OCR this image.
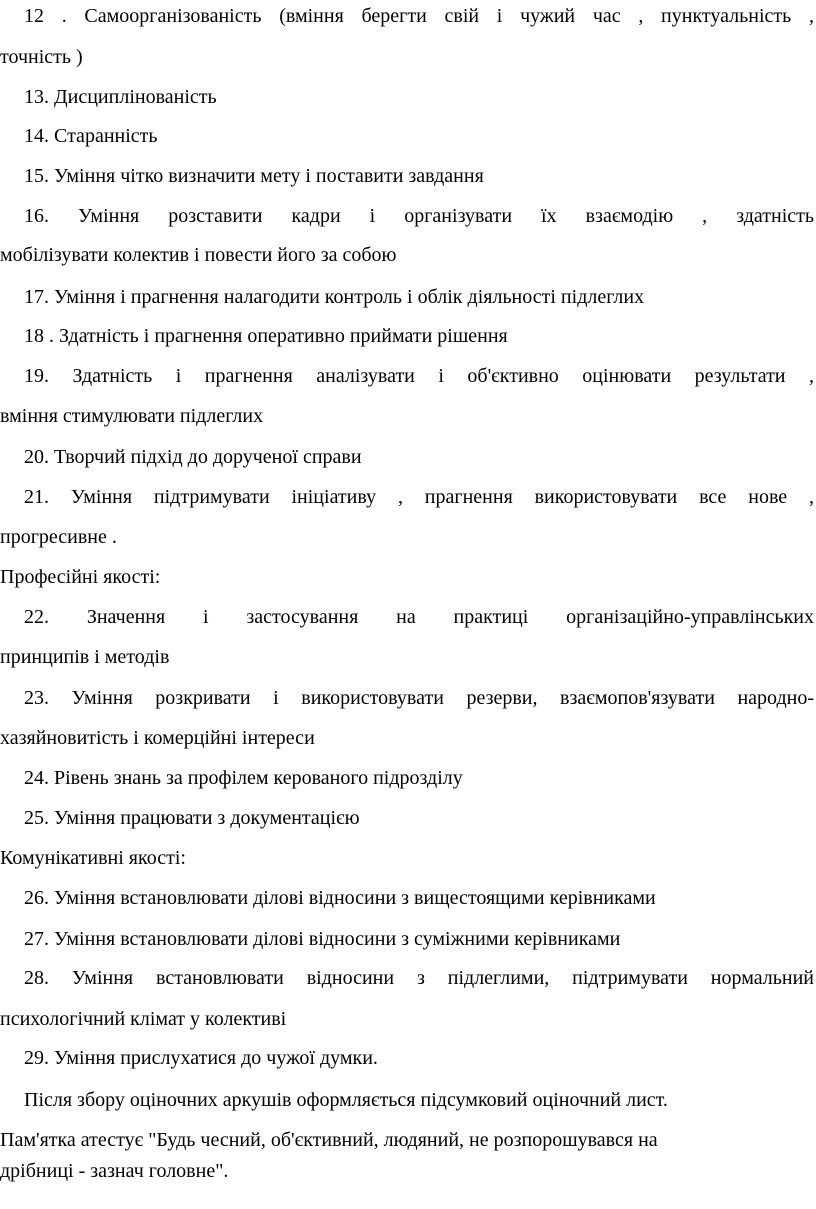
12 . Самоорганізованість (вміння берегти свій і чужий час , пунктуальність ,
точність )
13. Дисциплінованість
14. Старанність
15. Уміння чітко визначити мету і поставити завдання
16. Уміння розставити кадри і організувати їх взаємодію , здатність
мобілізувати колектив і повести його за собою
17. Уміння і прагнення налагодити контроль і облік діяльності підлеглих
18 . Здатність і прагнення оперативно приймати рішення
19. Здатність і прагнення аналізувати і об'єктивно оцінювати результати ,
вміння стимулювати підлеглих
20. Творчий підхід до дорученої справи
21. Уміння підтримувати ініціативу , прагнення використовувати все нове ,
прогресивне .
Професійні якості:
22. Значення і застосування на практиці організаційно-управлінських
принципів і методів
23. Уміння розкривати і використовувати резерви, взаємопов'язувати народно-
хазяйновитість і комерційні інтереси
24. Рівень знань за профілем керованого підрозділу
25. Уміння працювати з документацією
Комунікативні якості:
26. Уміння встановлювати ділові відносини з вищестоящими керівниками
27. Уміння встановлювати ділові відносини з суміжними керівниками
28. Уміння встановлювати відносини з підлеглими, підтримувати нормальний
психологічний клімат у колективі
29. Уміння прислухатися до чужої думки.
Після збору оціночних аркушів оформляється підсумковий оціночний лист.
Пам'ятка атестує "Будь чесний, об'єктивний, людяний, не розпорошувався на
дрібниці - зазнач головне".
